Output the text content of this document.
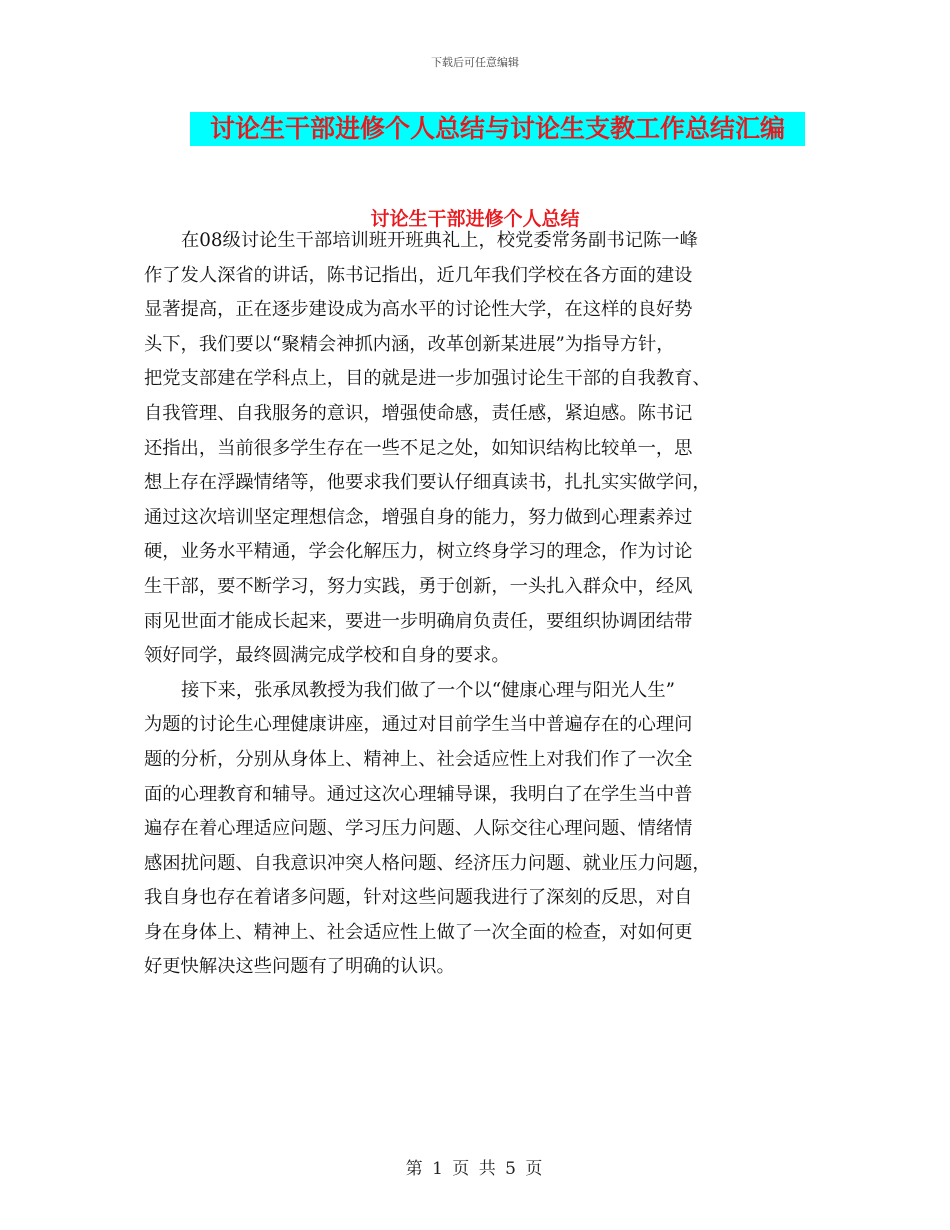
下载后可任意编辑
讨论生干部进修个人总结与讨论生支教工作总结汇编
讨论生干部进修个人总结
在08级讨论生干部培训班开班典礼上，校党委常务副书记陈一峰
作了发人深省的讲话，陈书记指出，近几年我们学校在各方面的建设
显著提高，正在逐步建设成为高水平的讨论性大学，在这样的良好势
头下，我们要以“聚精会神抓内涵，改革创新某进展”为指导方针，
把党支部建在学科点上，目的就是进一步加强讨论生干部的自我教育、
自我管理、自我服务的意识，增强使命感，责任感，紧迫感。陈书记
还指出，当前很多学生存在一些不足之处，如知识结构比较单一，思
想上存在浮躁情绪等，他要求我们要认仔细真读书，扎扎实实做学问，
通过这次培训坚定理想信念，增强自身的能力，努力做到心理素养过
硬，业务水平精通，学会化解压力，树立终身学习的理念，作为讨论
生干部，要不断学习，努力实践，勇于创新，一头扎入群众中，经风
雨见世面才能成长起来，要进一步明确肩负责任，要组织协调团结带
领好同学，最终圆满完成学校和自身的要求。
接下来，张承凤教授为我们做了一个以“健康心理与阳光人生”
为题的讨论生心理健康讲座，通过对目前学生当中普遍存在的心理问
题的分析，分别从身体上、精神上、社会适应性上对我们作了一次全
面的心理教育和辅导。通过这次心理辅导课，我明白了在学生当中普
遍存在着心理适应问题、学习压力问题、人际交往心理问题、情绪情
感困扰问题、自我意识冲突人格问题、经济压力问题、就业压力问题，
我自身也存在着诸多问题，针对这些问题我进行了深刻的反思，对自
身在身体上、精神上、社会适应性上做了一次全面的检查，对如何更
好更快解决这些问题有了明确的认识。
第 1 页 共 5 页
